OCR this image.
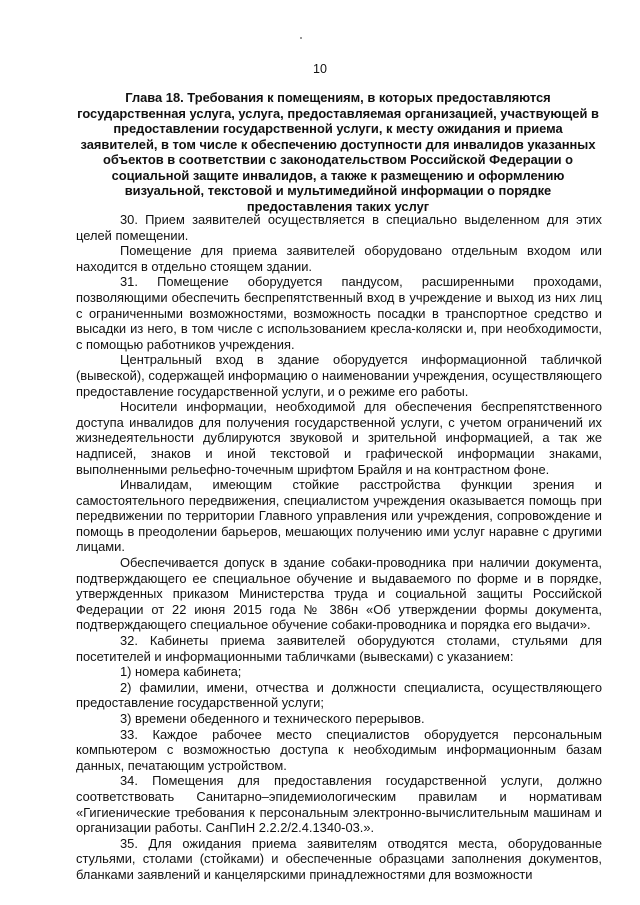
10
Глава 18. Требования к помещениям, в которых предоставляются государственная услуга, услуга, предоставляемая организацией, участвующей в предоставлении государственной услуги, к месту ожидания и приема заявителей, в том числе к обеспечению доступности для инвалидов указанных объектов в соответствии с законодательством Российской Федерации о социальной защите инвалидов, а также к размещению и оформлению визуальной, текстовой и мультимедийной информации о порядке предоставления таких услуг

30. Прием заявителей осуществляется в специально выделенном для этих целей помещении.

Помещение для приема заявителей оборудовано отдельным входом или находится в отдельно стоящем здании.

31. Помещение оборудуется пандусом, расширенными проходами, позволяющими обеспечить беспрепятственный вход в учреждение и выход из них лиц с ограниченными возможностями, возможность посадки в транспортное средство и высадки из него, в том числе с использованием кресла-коляски и, при необходимости, с помощью работников учреждения.

Центральный вход в здание оборудуется информационной табличкой (вывеской), содержащей информацию о наименовании учреждения, осуществляющего предоставление государственной услуги, и о режиме его работы.

Носители информации, необходимой для обеспечения беспрепятственного доступа инвалидов для получения государственной услуги, с учетом ограничений их жизнедеятельности дублируются звуковой и зрительной информацией, а так же надписей, знаков и иной текстовой и графической информации знаками, выполненными рельефно-точечным шрифтом Брайля и на контрастном фоне.

Инвалидам, имеющим стойкие расстройства функции зрения и самостоятельного передвижения, специалистом учреждения оказывается помощь при передвижении по территории Главного управления или учреждения, сопровождение и помощь в преодолении барьеров, мешающих получению ими услуг наравне с другими лицами.

Обеспечивается допуск в здание собаки-проводника при наличии документа, подтверждающего ее специальное обучение и выдаваемого по форме и в порядке, утвержденных приказом Министерства труда и социальной защиты Российской Федерации от 22 июня 2015 года № 386н «Об утверждении формы документа, подтверждающего специальное обучение собаки-проводника и порядка его выдачи».

32. Кабинеты приема заявителей оборудуются столами, стульями для посетителей и информационными табличками (вывесками) с указанием:

1) номера кабинета;

2) фамилии, имени, отчества и должности специалиста, осуществляющего предоставление государственной услуги;

3) времени обеденного и технического перерывов.

33. Каждое рабочее место специалистов оборудуется персональным компьютером с возможностью доступа к необходимым информационным базам данных, печатающим устройством.

34. Помещения для предоставления государственной услуги, должно соответствовать Санитарно–эпидемиологическим правилам и нормативам «Гигиенические требования к персональным электронно-вычислительным машинам и организации работы. СанПиН 2.2.2/2.4.1340-03.».

35. Для ожидания приема заявителям отводятся места, оборудованные стульями, столами (стойками) и обеспеченные образцами заполнения документов, бланками заявлений и канцелярскими принадлежностями для возможности
